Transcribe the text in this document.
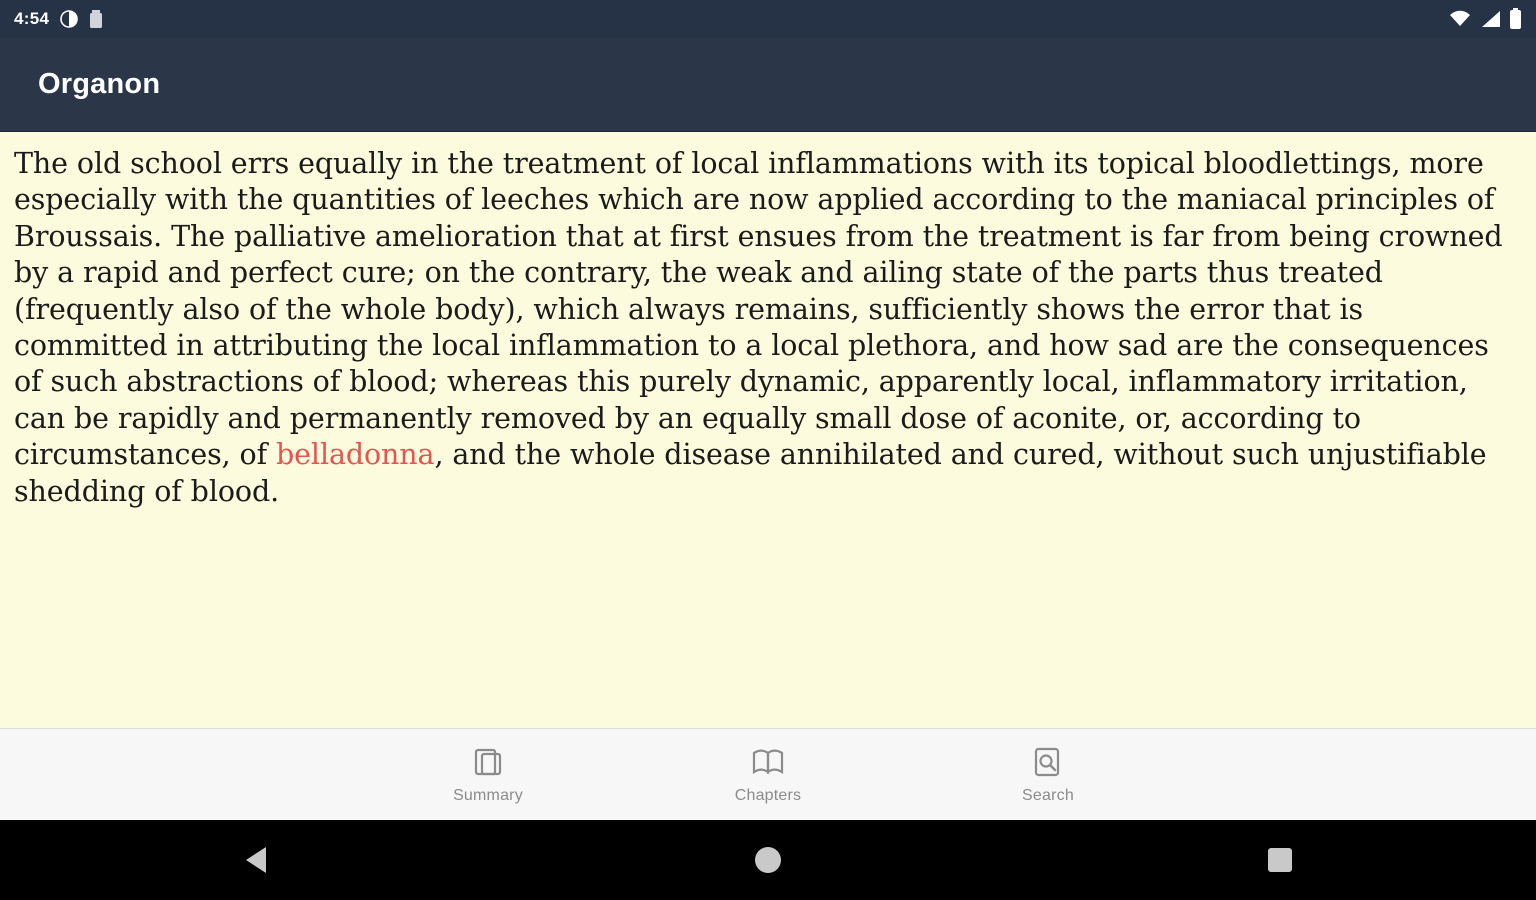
4:54
Organon

The old school errs equally in the treatment of local inflammations with its topical bloodlettings, more especially with the quantities of leeches which are now applied according to the maniacal principles of Broussais. The palliative amelioration that at first ensues from the treatment is far from being crowned by a rapid and perfect cure; on the contrary, the weak and ailing state of the parts thus treated (frequently also of the whole body), which always remains, sufficiently shows the error that is committed in attributing the local inflammation to a local plethora, and how sad are the consequences of such abstractions of blood; whereas this purely dynamic, apparently local, inflammatory irritation, can be rapidly and permanently removed by an equally small dose of aconite, or, according to circumstances, of belladonna, and the whole disease annihilated and cured, without such unjustifiable shedding of blood.

Summary	Chapters	Search
